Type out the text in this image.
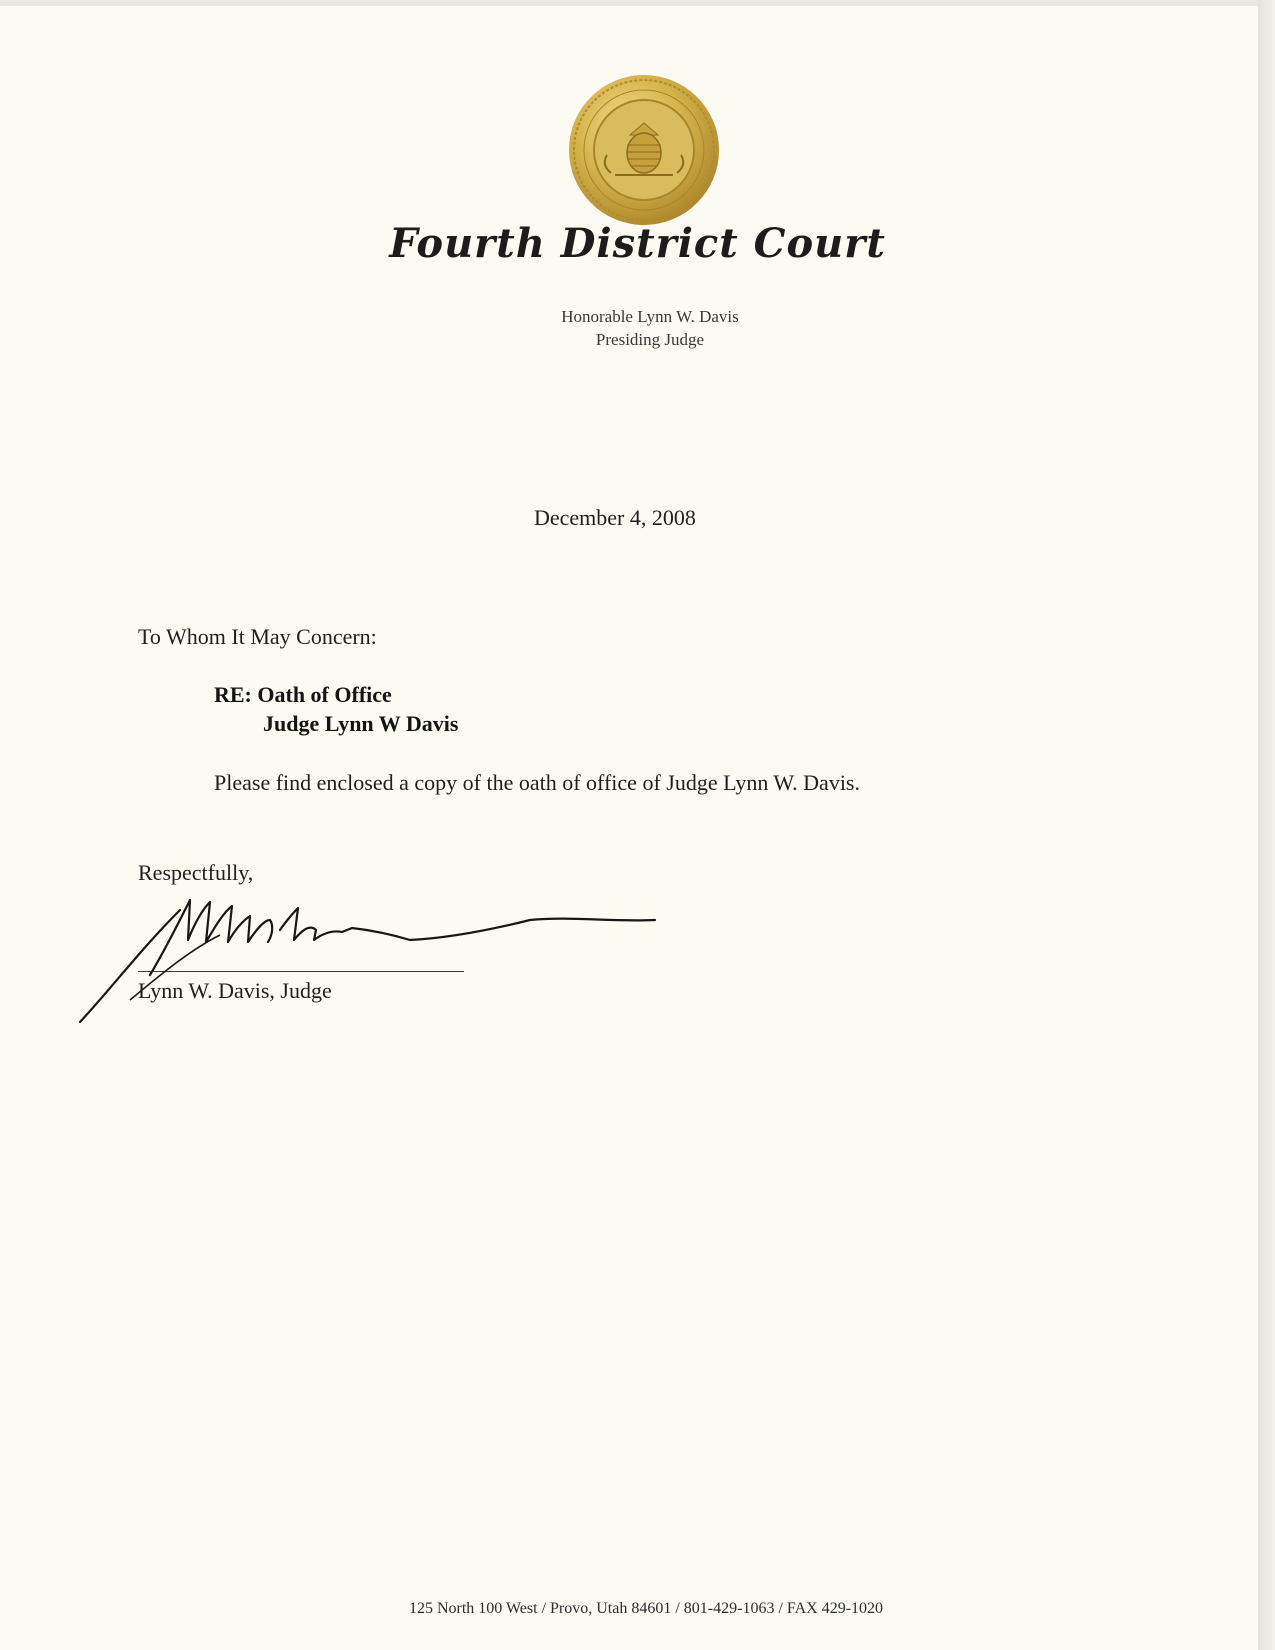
Fourth District Court
Honorable Lynn W. Davis
Presiding Judge
December 4, 2008
To Whom It May Concern:
RE: Oath of Office
Judge Lynn W Davis
Please find enclosed a copy of the oath of office of Judge Lynn W. Davis.
Respectfully,
Lynn W. Davis, Judge
125 North 100 West / Provo, Utah 84601 / 801-429-1063 / FAX 429-1020
